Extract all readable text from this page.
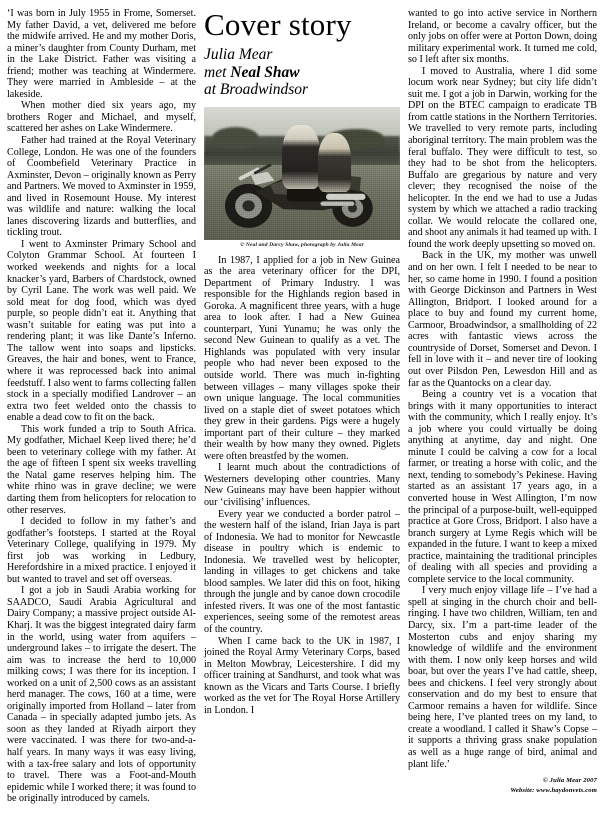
‘I was born in July 1955 in Frome, Somerset. My father David, a vet, delivered me before the midwife arrived. He and my mother Doris, a miner’s daughter from County Durham, met in the Lake District. Father was visiting a friend; mother was teaching at Windermere. They were married in Ambleside – at the lakeside.

When mother died six years ago, my brothers Roger and Michael, and myself, scattered her ashes on Lake Windermere.

Father had trained at the Royal Veterinary College, London. He was one of the founders of Coombefield Veterinary Practice in Axminster, Devon – originally known as Perry and Partners. We moved to Axminster in 1959, and lived in Rosemount House. My interest was wildlife and nature: walking the local lanes discovering lizards and butterflies, and tickling trout.

I went to Axminster Primary School and Colyton Grammar School. At fourteen I worked weekends and nights for a local knacker’s yard, Barbers of Chardstock, owned by Cyril Lane. The work was well paid. We sold meat for dog food, which was dyed purple, so people didn’t eat it. Anything that wasn’t suitable for eating was put into a rendering plant; it was like Dante’s Inferno. The tallow went into soaps and lipsticks. Greaves, the hair and bones, went to France, where it was reprocessed back into animal feedstuff. I also went to farms collecting fallen stock in a specially modified Landrover – an extra two feet welded onto the chassis to enable a dead cow to fit on the back.

This work funded a trip to South Africa. My godfather, Michael Keep lived there; he’d been to veterinary college with my father. At the age of fifteen I spent six weeks travelling the Natal game reserves helping him. The white rhino was in grave decline; we were darting them from helicopters for relocation to other reserves.

I decided to follow in my father’s and godfather’s footsteps. I started at the Royal Veterinary College, qualifying in 1979. My first job was working in Ledbury, Herefordshire in a mixed practice. I enjoyed it but wanted to travel and set off overseas.

I got a job in Saudi Arabia working for SAADCO, Saudi Arabia Agricultural and Dairy Company; a massive project outside Al-Kharj. It was the biggest integrated dairy farm in the world, using water from aquifers – underground lakes – to irrigate the desert. The aim was to increase the herd to 10,000 milking cows; I was there for its inception. I worked on a unit of 2,500 cows as an assistant herd manager. The cows, 160 at a time, were originally imported from Holland – later from Canada – in specially adapted jumbo jets. As soon as they landed at Riyadh airport they were vaccinated. I was there for two-and-a-half years. In many ways it was easy living, with a tax-free salary and lots of opportunity to travel. There was a Foot-and-Mouth epidemic while I worked there; it was found to be originally introduced by camels.

Cover story
Julia Mear
met Neal Shaw
at Broadwindsor
© Neal and Darcy Shaw, photograph by Julia Mear

In 1987, I applied for a job in New Guinea as the area veterinary officer for the DPI, Department of Primary Industry. I was responsible for the Highlands region based in Goroka. A magnificent three years, with a huge area to look after. I had a New Guinea counterpart, Yuni Yunamu; he was only the second New Guinean to qualify as a vet. The Highlands was populated with very insular people who had never been exposed to the outside world. There was much in-fighting between villages – many villages spoke their own unique language. The local communities lived on a staple diet of sweet potatoes which they grew in their gardens. Pigs were a hugely important part of their culture – they marked their wealth by how many they owned. Piglets were often breastfed by the women.

I learnt much about the contradictions of Westerners developing other countries. Many New Guineans may have been happier without our ‘civilising’ influences.

Every year we conducted a border patrol – the western half of the island, Irian Jaya is part of Indonesia. We had to monitor for Newcastle disease in poultry which is endemic to Indonesia. We travelled west by helicopter, landing in villages to get chickens and take blood samples. We later did this on foot, hiking through the jungle and by canoe down crocodile infested rivers. It was one of the most fantastic experiences, seeing some of the remotest areas of the country.

When I came back to the UK in 1987, I joined the Royal Army Veterinary Corps, based in Melton Mowbray, Leicestershire. I did my officer training at Sandhurst, and took what was known as the Vicars and Tarts Course. I briefly worked as the vet for The Royal Horse Artillery in London. I

wanted to go into active service in Northern Ireland, or become a cavalry officer, but the only jobs on offer were at Porton Down, doing military experimental work. It turned me cold, so I left after six months.

I moved to Australia, where I did some locum work near Sydney; but city life didn’t suit me. I got a job in Darwin, working for the DPI on the BTEC campaign to eradicate TB from cattle stations in the Northern Territories. We travelled to very remote parts, including aboriginal territory. The main problem was the feral buffalo. They were difficult to test, so they had to be shot from the helicopters. Buffalo are gregarious by nature and very clever; they recognised the noise of the helicopter. In the end we had to use a Judas system by which we attached a radio tracking collar. We would relocate the collared one, and shoot any animals it had teamed up with. I found the work deeply upsetting so moved on.

Back in the UK, my mother was unwell and on her own. I felt I needed to be near to her, so came home in 1990. I found a position with George Dickinson and Partners in West Allington, Bridport. I looked around for a place to buy and found my current home, Carmoor, Broadwindsor, a smallholding of 22 acres with fantastic views across the countryside of Dorset, Somerset and Devon. I fell in love with it – and never tire of looking out over Pilsdon Pen, Lewesdon Hill and as far as the Quantocks on a clear day.

Being a country vet is a vocation that brings with it many opportunities to interact with the community, which I really enjoy. It’s a job where you could virtually be doing anything at anytime, day and night. One minute I could be calving a cow for a local farmer, or treating a horse with colic, and the next, tending to somebody’s Pekinese. Having started as an assistant 17 years ago, in a converted house in West Allington, I’m now the principal of a purpose-built, well-equipped practice at Gore Cross, Bridport. I also have a branch surgery at Lyme Regis which will be expanded in the future. I want to keep a mixed practice, maintaining the traditional principles of dealing with all species and providing a complete service to the local community.

I very much enjoy village life – I’ve had a spell at singing in the church choir and bell-ringing. I have two children, William, ten and Darcy, six. I’m a part-time leader of the Mosterton cubs and enjoy sharing my knowledge of wildlife and the environment with them. I now only keep horses and wild boar, but over the years I’ve had cattle, sheep, bees and chickens. I feel very strongly about conservation and do my best to ensure that Carmoor remains a haven for wildlife. Since being here, I’ve planted trees on my land, to create a woodland. I called it Shaw’s Copse – it supports a thriving grass snake population as well as a huge range of bird, animal and plant life.’

© Julia Mear 2007
Website: www.haydonvets.com
